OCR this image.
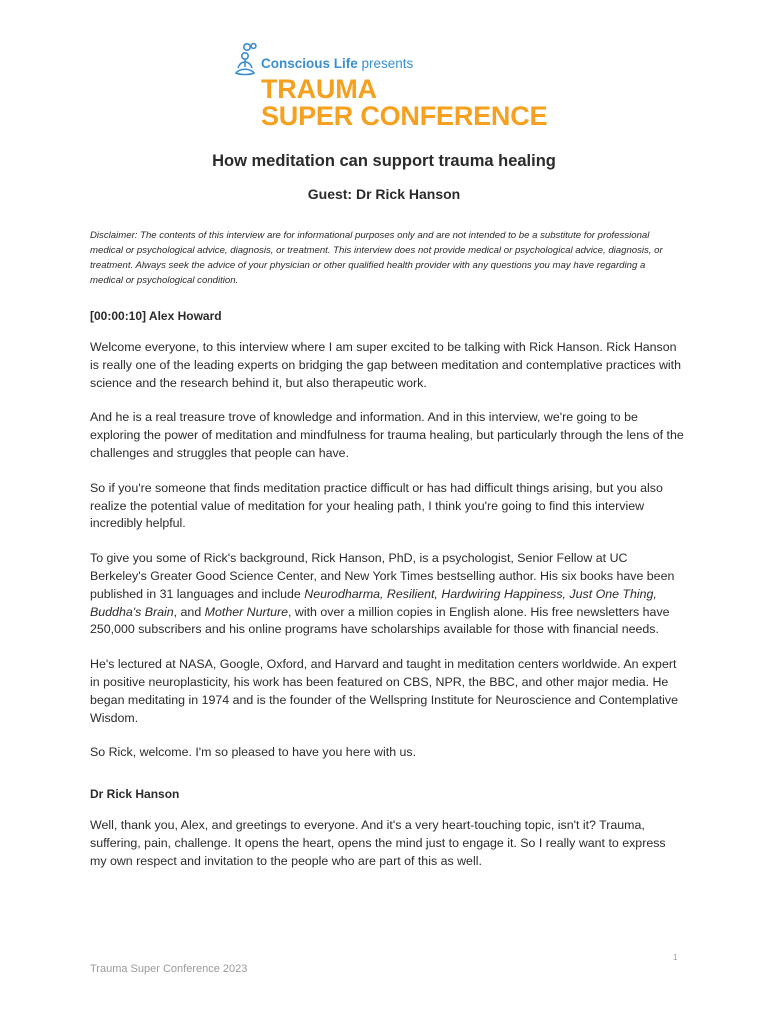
Conscious Life presents
TRAUMA
SUPER CONFERENCE
How meditation can support trauma healing
Guest: Dr Rick Hanson
Disclaimer: The contents of this interview are for informational purposes only and are not intended to be a substitute for professional medical or psychological advice, diagnosis, or treatment. This interview does not provide medical or psychological advice, diagnosis, or treatment. Always seek the advice of your physician or other qualified health provider with any questions you may have regarding a medical or psychological condition.

[00:00:10] Alex Howard

Welcome everyone, to this interview where I am super excited to be talking with Rick Hanson. Rick Hanson is really one of the leading experts on bridging the gap between meditation and contemplative practices with science and the research behind it, but also therapeutic work.

And he is a real treasure trove of knowledge and information. And in this interview, we're going to be exploring the power of meditation and mindfulness for trauma healing, but particularly through the lens of the challenges and struggles that people can have.

So if you're someone that finds meditation practice difficult or has had difficult things arising, but you also realize the potential value of meditation for your healing path, I think you're going to find this interview incredibly helpful.

To give you some of Rick's background, Rick Hanson, PhD, is a psychologist, Senior Fellow at UC Berkeley's Greater Good Science Center, and New York Times bestselling author. His six books have been published in 31 languages and include Neurodharma, Resilient, Hardwiring Happiness, Just One Thing, Buddha's Brain, and Mother Nurture, with over a million copies in English alone. His free newsletters have 250,000 subscribers and his online programs have scholarships available for those with financial needs.

He's lectured at NASA, Google, Oxford, and Harvard and taught in meditation centers worldwide. An expert in positive neuroplasticity, his work has been featured on CBS, NPR, the BBC, and other major media. He began meditating in 1974 and is the founder of the Wellspring Institute for Neuroscience and Contemplative Wisdom.

So Rick, welcome. I'm so pleased to have you here with us.

Dr Rick Hanson

Well, thank you, Alex, and greetings to everyone. And it's a very heart-touching topic, isn't it? Trauma, suffering, pain, challenge. It opens the heart, opens the mind just to engage it. So I really want to express my own respect and invitation to the people who are part of this as well.

1
Trauma Super Conference 2023
